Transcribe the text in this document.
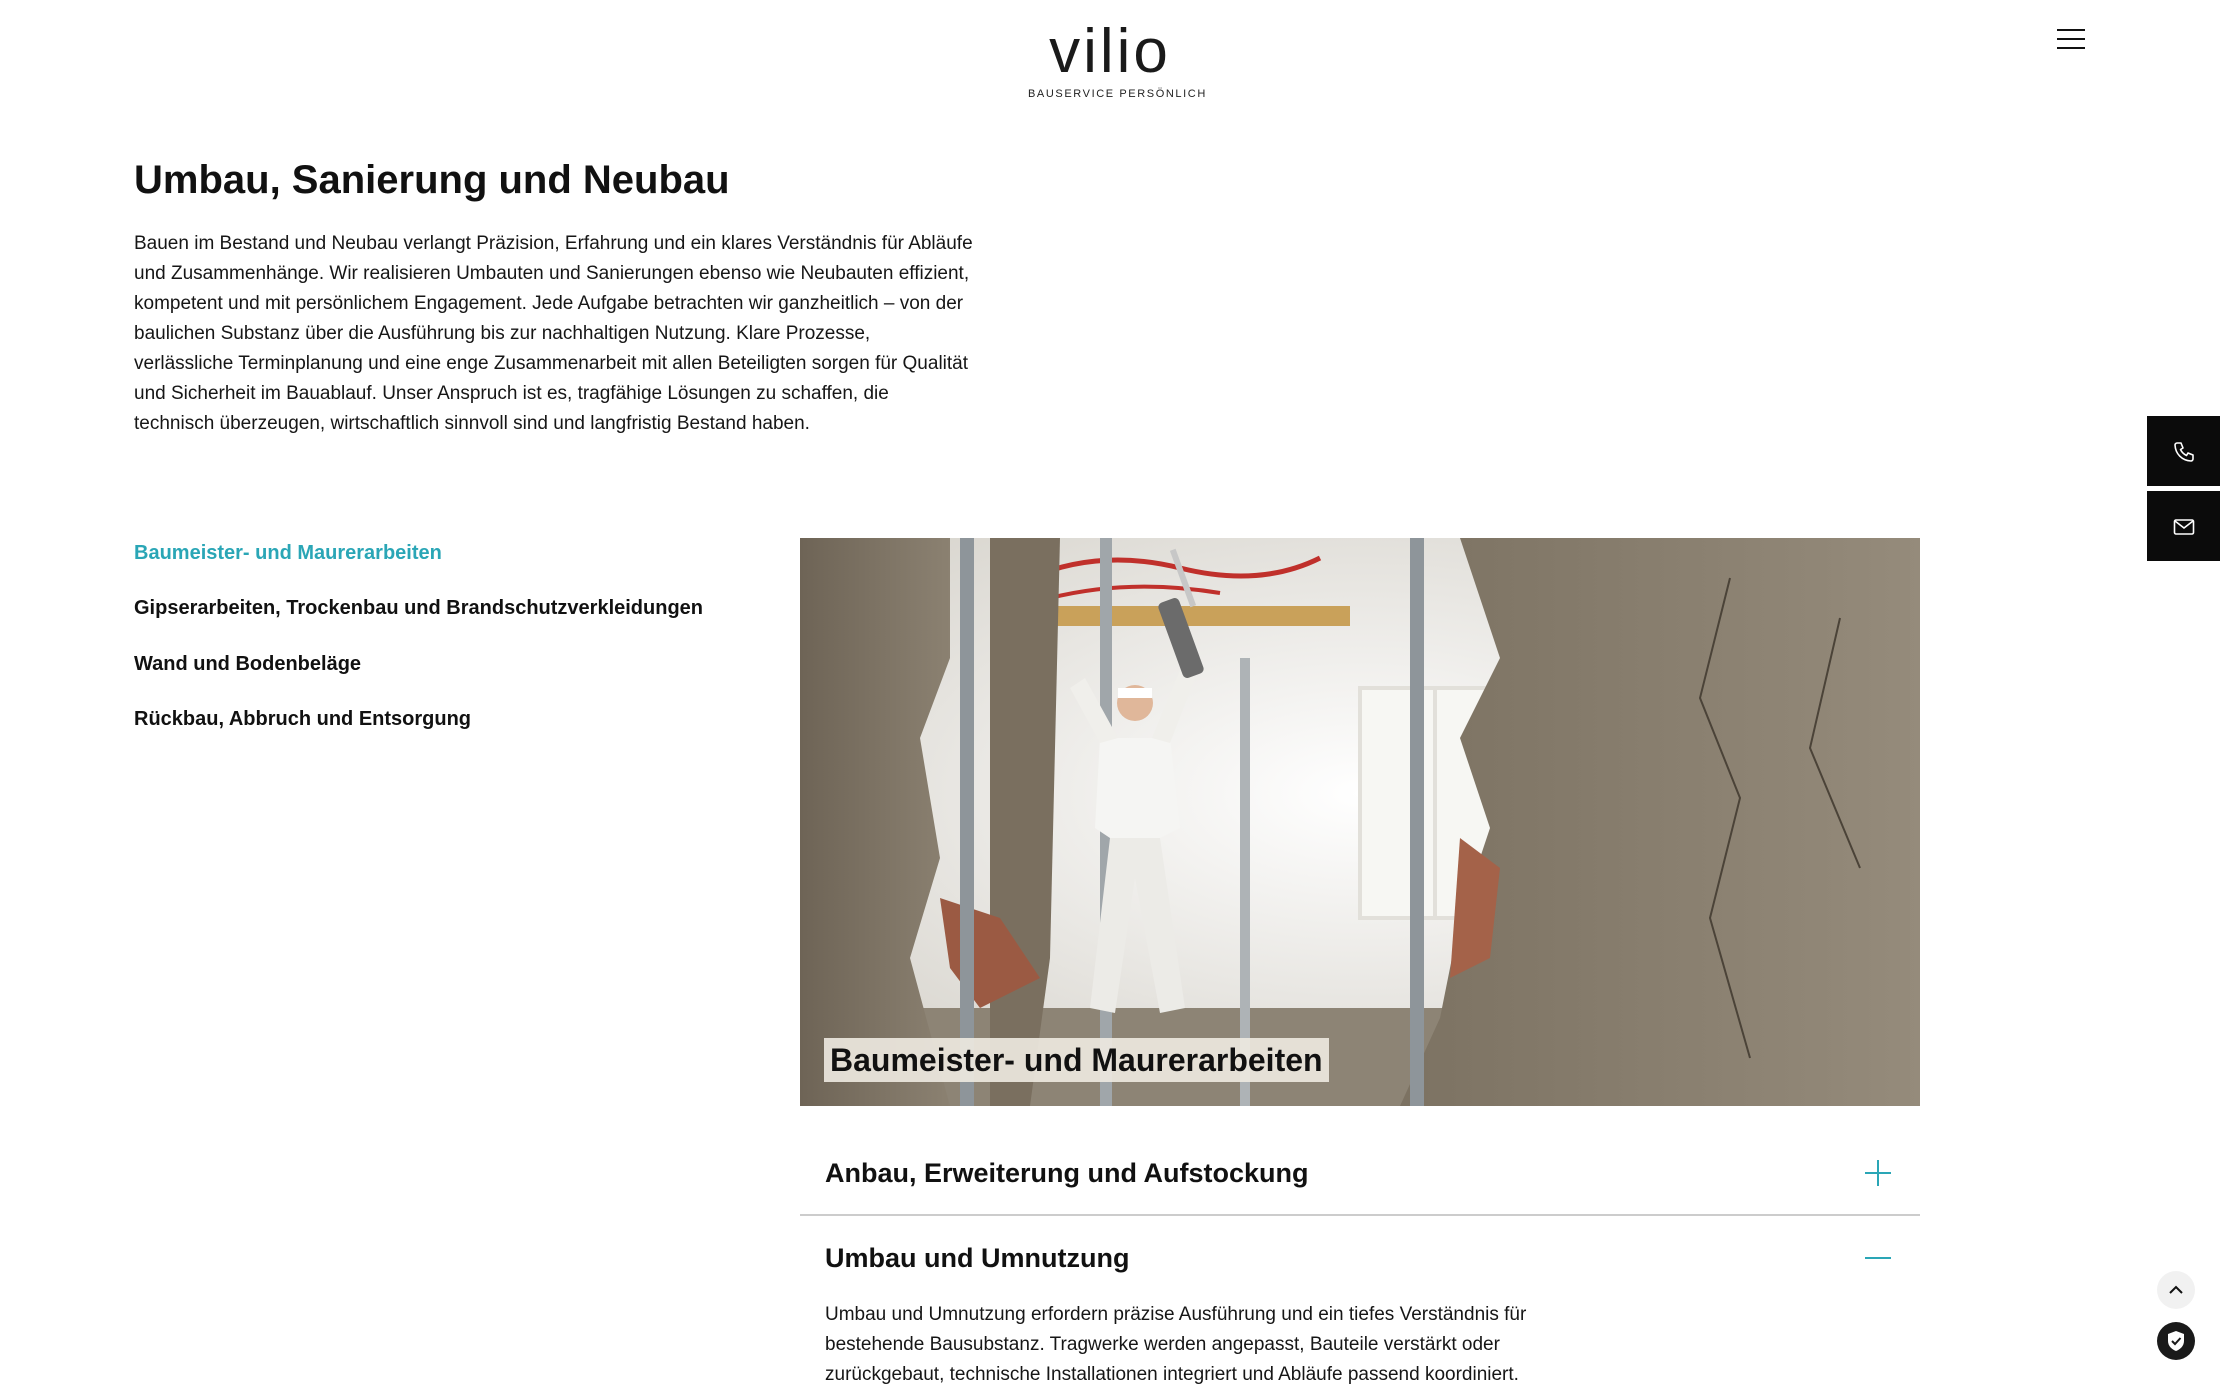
vilio
BAUSERVICE PERSÖNLICH
Umbau, Sanierung und Neubau

Bauen im Bestand und Neubau verlangt Präzision, Erfahrung und ein klares Verständnis für Abläufe und Zusammenhänge. Wir realisieren Umbauten und Sanierungen ebenso wie Neubauten effizient, kompetent und mit persönlichem Engagement. Jede Aufgabe betrachten wir ganzheitlich – von der baulichen Substanz über die Ausführung bis zur nachhaltigen Nutzung. Klare Prozesse, verlässliche Terminplanung und eine enge Zusammenarbeit mit allen Beteiligten sorgen für Qualität und Sicherheit im Bauablauf. Unser Anspruch ist es, tragfähige Lösungen zu schaffen, die technisch überzeugen, wirtschaftlich sinnvoll sind und langfristig Bestand haben.

Baumeister- und Maurerarbeiten
Gipserarbeiten, Trockenbau und Brandschutzverkleidungen
Wand und Bodenbeläge
Rückbau, Abbruch und Entsorgung
Baumeister- und Maurerarbeiten
Anbau, Erweiterung und Aufstockung
Umbau und Umnutzung

Umbau und Umnutzung erfordern präzise Ausführung und ein tiefes Verständnis für bestehende Bausubstanz. Tragwerke werden angepasst, Bauteile verstärkt oder zurückgebaut, technische Installationen integriert und Abläufe passend koordiniert.
